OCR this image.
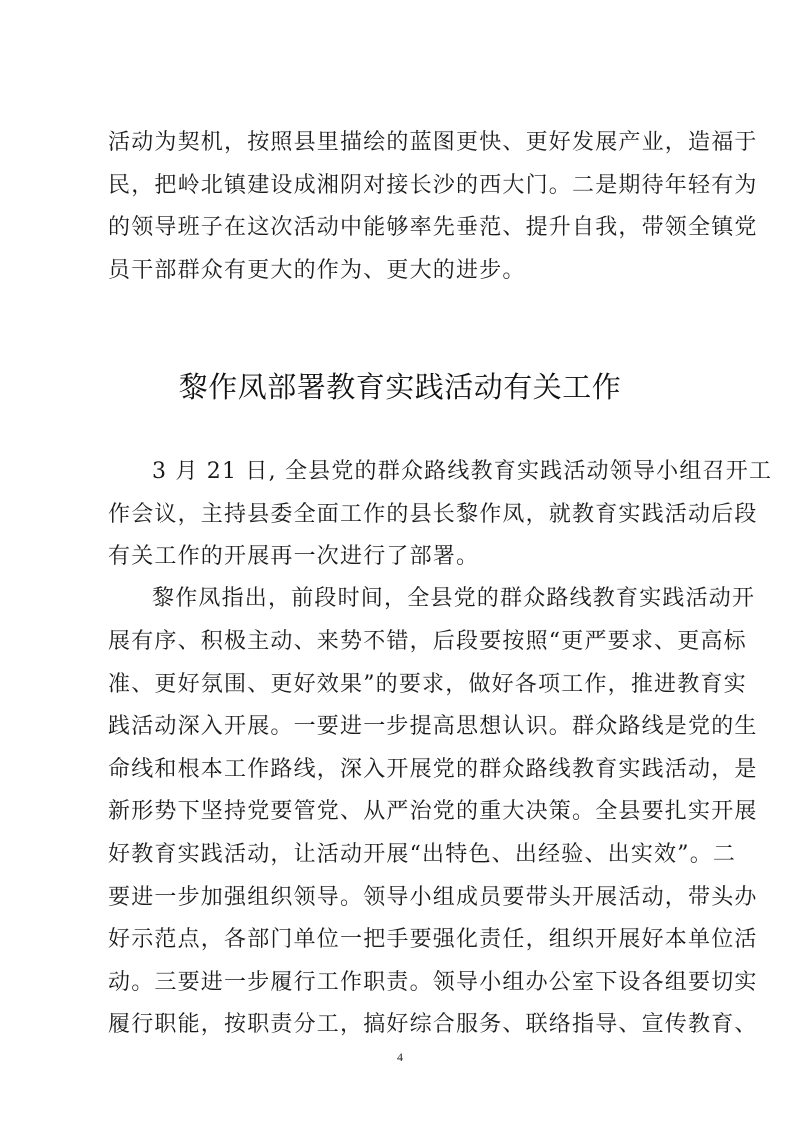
活动为契机，按照县里描绘的蓝图更快、更好发展产业，造福于
民，把岭北镇建设成湘阴对接长沙的西大门。二是期待年轻有为
的领导班子在这次活动中能够率先垂范、提升自我，带领全镇党
员干部群众有更大的作为、更大的进步。
黎作凤部署教育实践活动有关工作
3 月 21 日, 全县党的群众路线教育实践活动领导小组召开工
作会议，主持县委全面工作的县长黎作凤，就教育实践活动后段
有关工作的开展再一次进行了部署。
黎作凤指出，前段时间，全县党的群众路线教育实践活动开
展有序、积极主动、来势不错，后段要按照“更严要求、更高标
准、更好氛围、更好效果”的要求，做好各项工作，推进教育实
践活动深入开展。一要进一步提高思想认识。群众路线是党的生
命线和根本工作路线，深入开展党的群众路线教育实践活动，是
新形势下坚持党要管党、从严治党的重大决策。全县要扎实开展
好教育实践活动，让活动开展“出特色、出经验、出实效”。二
要进一步加强组织领导。领导小组成员要带头开展活动，带头办
好示范点，各部门单位一把手要强化责任，组织开展好本单位活
动。三要进一步履行工作职责。领导小组办公室下设各组要切实
履行职能，按职责分工，搞好综合服务、联络指导、宣传教育、
4
